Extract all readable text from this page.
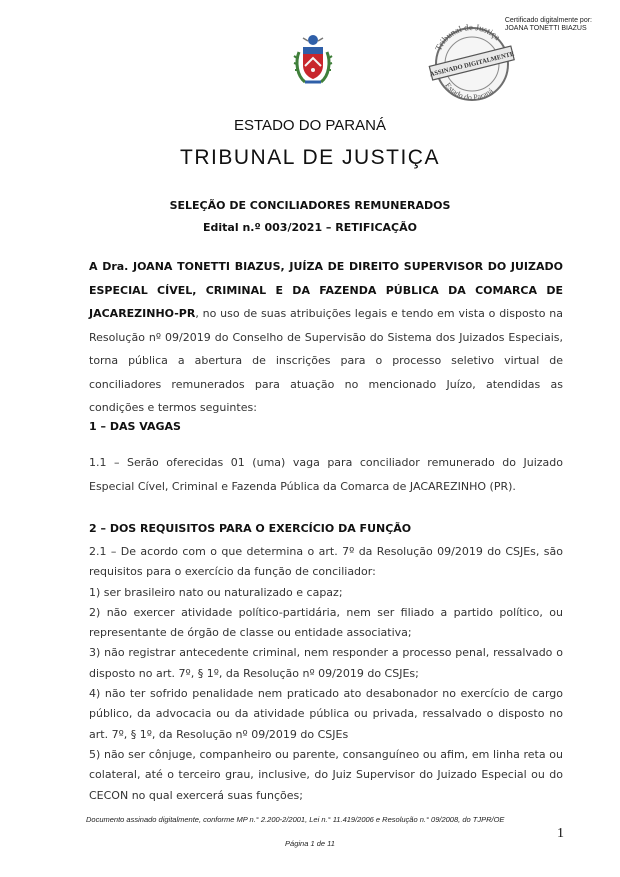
Certificado digitalmente por:
JOANA TONETTI BIAZUS
Tribunal de Justiça
Estado do Paraná
ASSINADO DIGITALMENTE
ESTADO DO PARANÁ
TRIBUNAL DE JUSTIÇA
SELEÇÃO DE CONCILIADORES REMUNERADOS
Edital n.º 003/2021 – RETIFICAÇÃO
A Dra. JOANA TONETTI BIAZUS, JUÍZA DE DIREITO SUPERVISOR DO JUIZADO ESPECIAL CÍVEL, CRIMINAL E DA FAZENDA PÚBLICA DA COMARCA DE JACAREZINHO-PR, no uso de suas atribuições legais e tendo em vista o disposto na Resolução nº 09/2019 do Conselho de Supervisão do Sistema dos Juizados Especiais, torna pública a abertura de inscrições para o processo seletivo virtual de conciliadores remunerados para atuação no mencionado Juízo, atendidas as condições e termos seguintes:
1 – DAS VAGAS
1.1 – Serão oferecidas 01 (uma) vaga para conciliador remunerado do Juizado Especial Cível, Criminal e Fazenda Pública da Comarca de JACAREZINHO (PR).
2 – DOS REQUISITOS PARA O EXERCÍCIO DA FUNÇÃO
2.1 – De acordo com o que determina o art. 7º da Resolução 09/2019 do CSJEs, são requisitos para o exercício da função de conciliador:
1) ser brasileiro nato ou naturalizado e capaz;
2) não exercer atividade político-partidária, nem ser filiado a partido político, ou representante de órgão de classe ou entidade associativa;
3) não registrar antecedente criminal, nem responder a processo penal, ressalvado o disposto no art. 7º, § 1º, da Resolução nº 09/2019 do CSJEs;
4) não ter sofrido penalidade nem praticado ato desabonador no exercício de cargo público, da advocacia ou da atividade pública ou privada, ressalvado o disposto no art. 7º, § 1º, da Resolução nº 09/2019 do CSJEs
5) não ser cônjuge, companheiro ou parente, consanguíneo ou afim, em linha reta ou colateral, até o terceiro grau, inclusive, do Juiz Supervisor do Juizado Especial ou do CECON no qual exercerá suas funções;
Documento assinado digitalmente, conforme MP n.° 2.200-2/2001, Lei n.° 11.419/2006 e Resolução n.° 09/2008, do TJPR/OE
1
Página 1 de 11
